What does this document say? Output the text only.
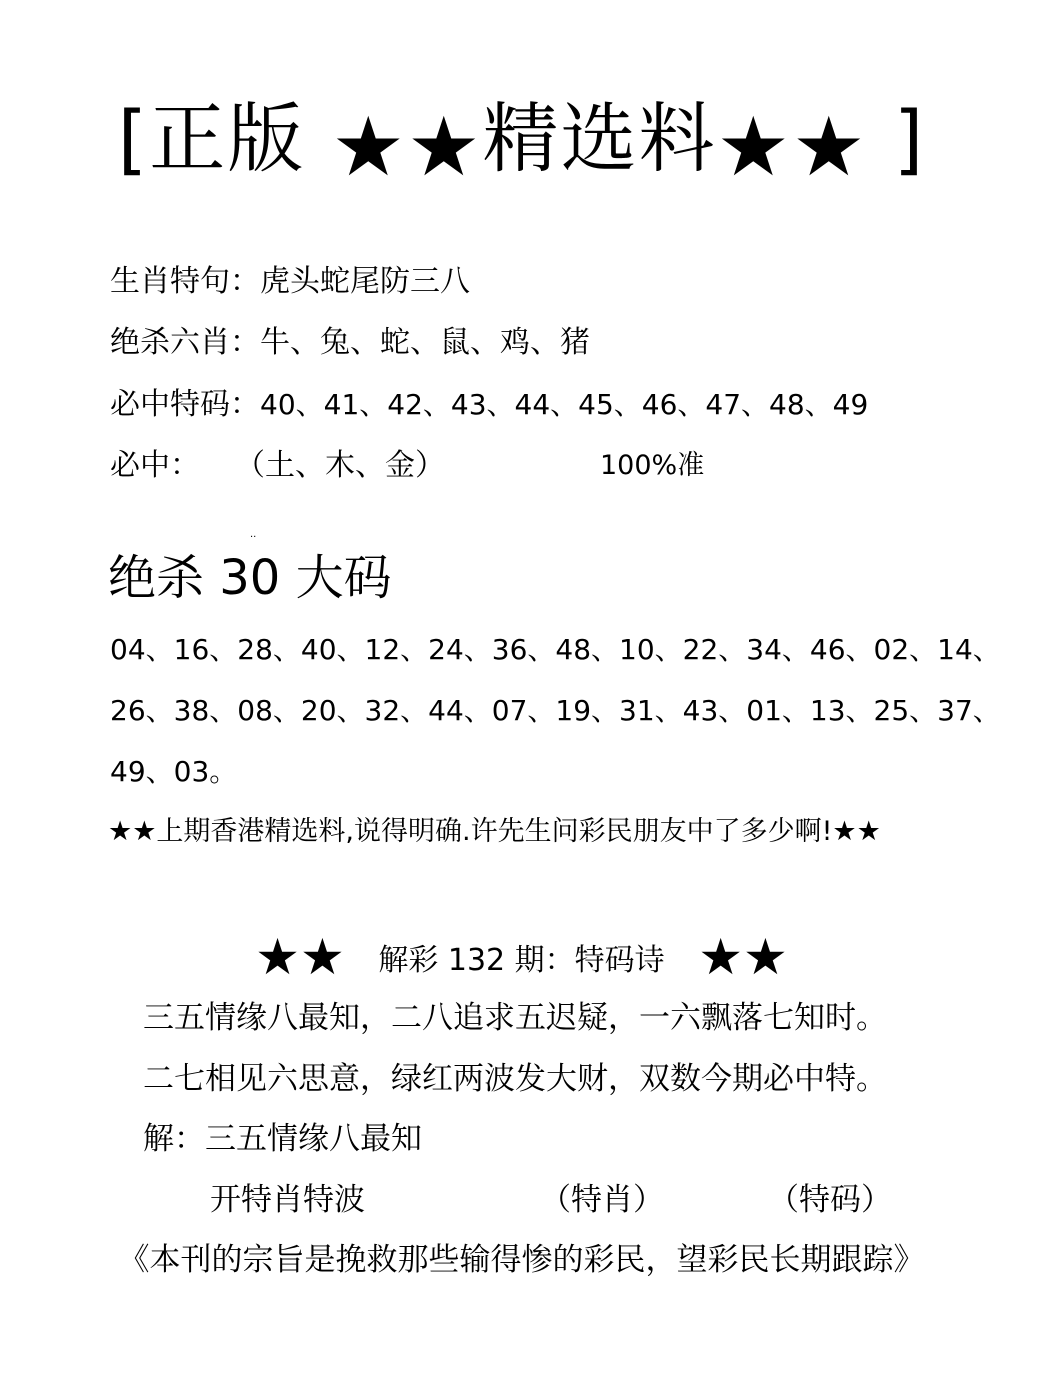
[正版 ★★精选料★★ ]
生肖特句：虎头蛇尾防三八
绝杀六肖：牛、兔、蛇、鼠、鸡、猪
必中特码：40、41、42、43、44、45、46、47、48、49
必中： （土、木、金）	100%准
··
绝杀 30 大码
04、16、28、40、12、24、36、48、10、22、34、46、02、14、
26、38、08、20、32、44、07、19、31、43、01、13、25、37、
49、03。
★★上期香港精选料,说得明确.许先生问彩民朋友中了多少啊!★★
★★ 解彩 132 期：特码诗 ★★
三五情缘八最知，二八追求五迟疑，一六飘落七知时。
二七相见六思意，绿红两波发大财，双数今期必中特。
解：三五情缘八最知
开特肖特波	（特肖）	（特码）
《本刊的宗旨是挽救那些输得惨的彩民，望彩民长期跟踪》
